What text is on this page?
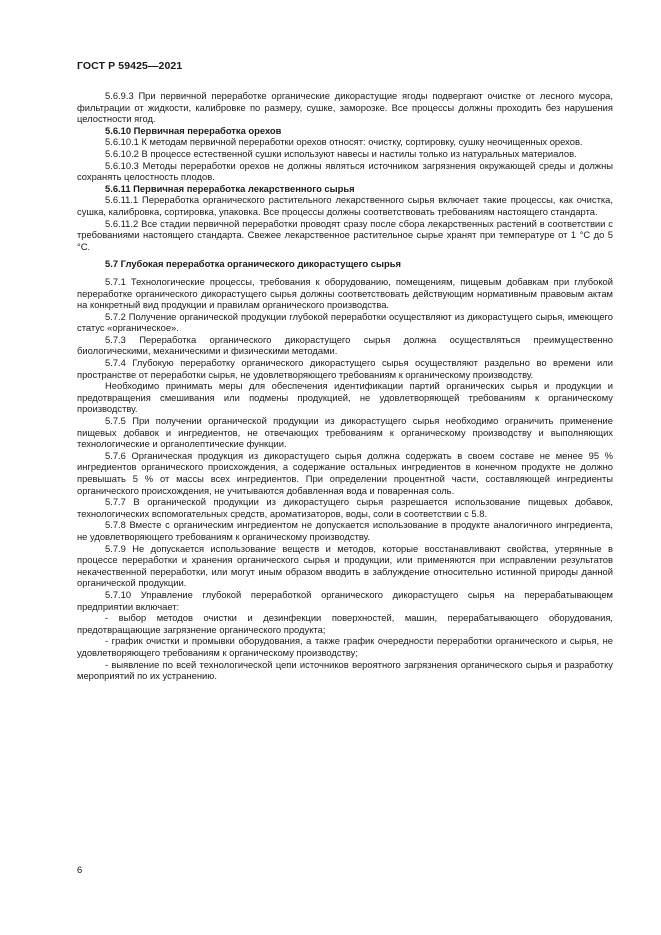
ГОСТ Р 59425—2021

5.6.9.3 При первичной переработке органические дикорастущие ягоды подвергают очистке от лесного мусора, фильтрации от жидкости, калибровке по размеру, сушке, заморозке. Все процессы должны проходить без нарушения целостности ягод.

5.6.10 Первичная переработка орехов

5.6.10.1 К методам первичной переработки орехов относят: очистку, сортировку, сушку неочищенных орехов.

5.6.10.2 В процессе естественной сушки используют навесы и настилы только из натуральных материалов.

5.6.10.3 Методы переработки орехов не должны являться источником загрязнения окружающей среды и должны сохранять целостность плодов.

5.6.11 Первичная переработка лекарственного сырья

5.6.11.1 Переработка органического растительного лекарственного сырья включает такие процессы, как очистка, сушка, калибровка, сортировка, упаковка. Все процессы должны соответствовать требованиям настоящего стандарта.

5.6.11.2 Все стадии первичной переработки проводят сразу после сбора лекарственных растений в соответствии с требованиями настоящего стандарта. Свежее лекарственное растительное сырье хранят при температуре от 1 °С до 5 °С.

5.7 Глубокая переработка органического дикорастущего сырья

5.7.1 Технологические процессы, требования к оборудованию, помещениям, пищевым добавкам при глубокой переработке органического дикорастущего сырья должны соответствовать действующим нормативным правовым актам на конкретный вид продукции и правилам органического производства.

5.7.2 Получение органической продукции глубокой переработки осуществляют из дикорастущего сырья, имеющего статус «органическое».

5.7.3 Переработка органического дикорастущего сырья должна осуществляться преимущественно биологическими, механическими и физическими методами.

5.7.4 Глубокую переработку органического дикорастущего сырья осуществляют раздельно во времени или пространстве от переработки сырья, не удовлетворяющего требованиям к органическому производству.

Необходимо принимать меры для обеспечения идентификации партий органических сырья и продукции и предотвращения смешивания или подмены продукцией, не удовлетворяющей требованиям к органическому производству.

5.7.5 При получении органической продукции из дикорастущего сырья необходимо ограничить применение пищевых добавок и ингредиентов, не отвечающих требованиям к органическому производству и выполняющих технологические и органолептические функции.

5.7.6 Органическая продукция из дикорастущего сырья должна содержать в своем составе не менее 95 % ингредиентов органического происхождения, а содержание остальных ингредиентов в конечном продукте не должно превышать 5 % от массы всех ингредиентов. При определении процентной части, составляющей ингредиенты органического происхождения, не учитываются добавленная вода и поваренная соль.

5.7.7 В органической продукции из дикорастущего сырья разрешается использование пищевых добавок, технологических вспомогательных средств, ароматизаторов, воды, соли в соответствии с 5.8.

5.7.8 Вместе с органическим ингредиентом не допускается использование в продукте аналогичного ингредиента, не удовлетворяющего требованиям к органическому производству.

5.7.9 Не допускается использование веществ и методов, которые восстанавливают свойства, утерянные в процессе переработки и хранения органического сырья и продукции, или применяются при исправлении результатов некачественной переработки, или могут иным образом вводить в заблуждение относительно истинной природы данной органической продукции.

5.7.10 Управление глубокой переработкой органического дикорастущего сырья на перерабатывающем предприятии включает:

- выбор методов очистки и дезинфекции поверхностей, машин, перерабатывающего оборудования, предотвращающие загрязнение органического продукта;

- график очистки и промывки оборудования, а также график очередности переработки органического и сырья, не удовлетворяющего требованиям к органическому производству;

- выявление по всей технологической цепи источников вероятного загрязнения органического сырья и разработку мероприятий по их устранению.

6
